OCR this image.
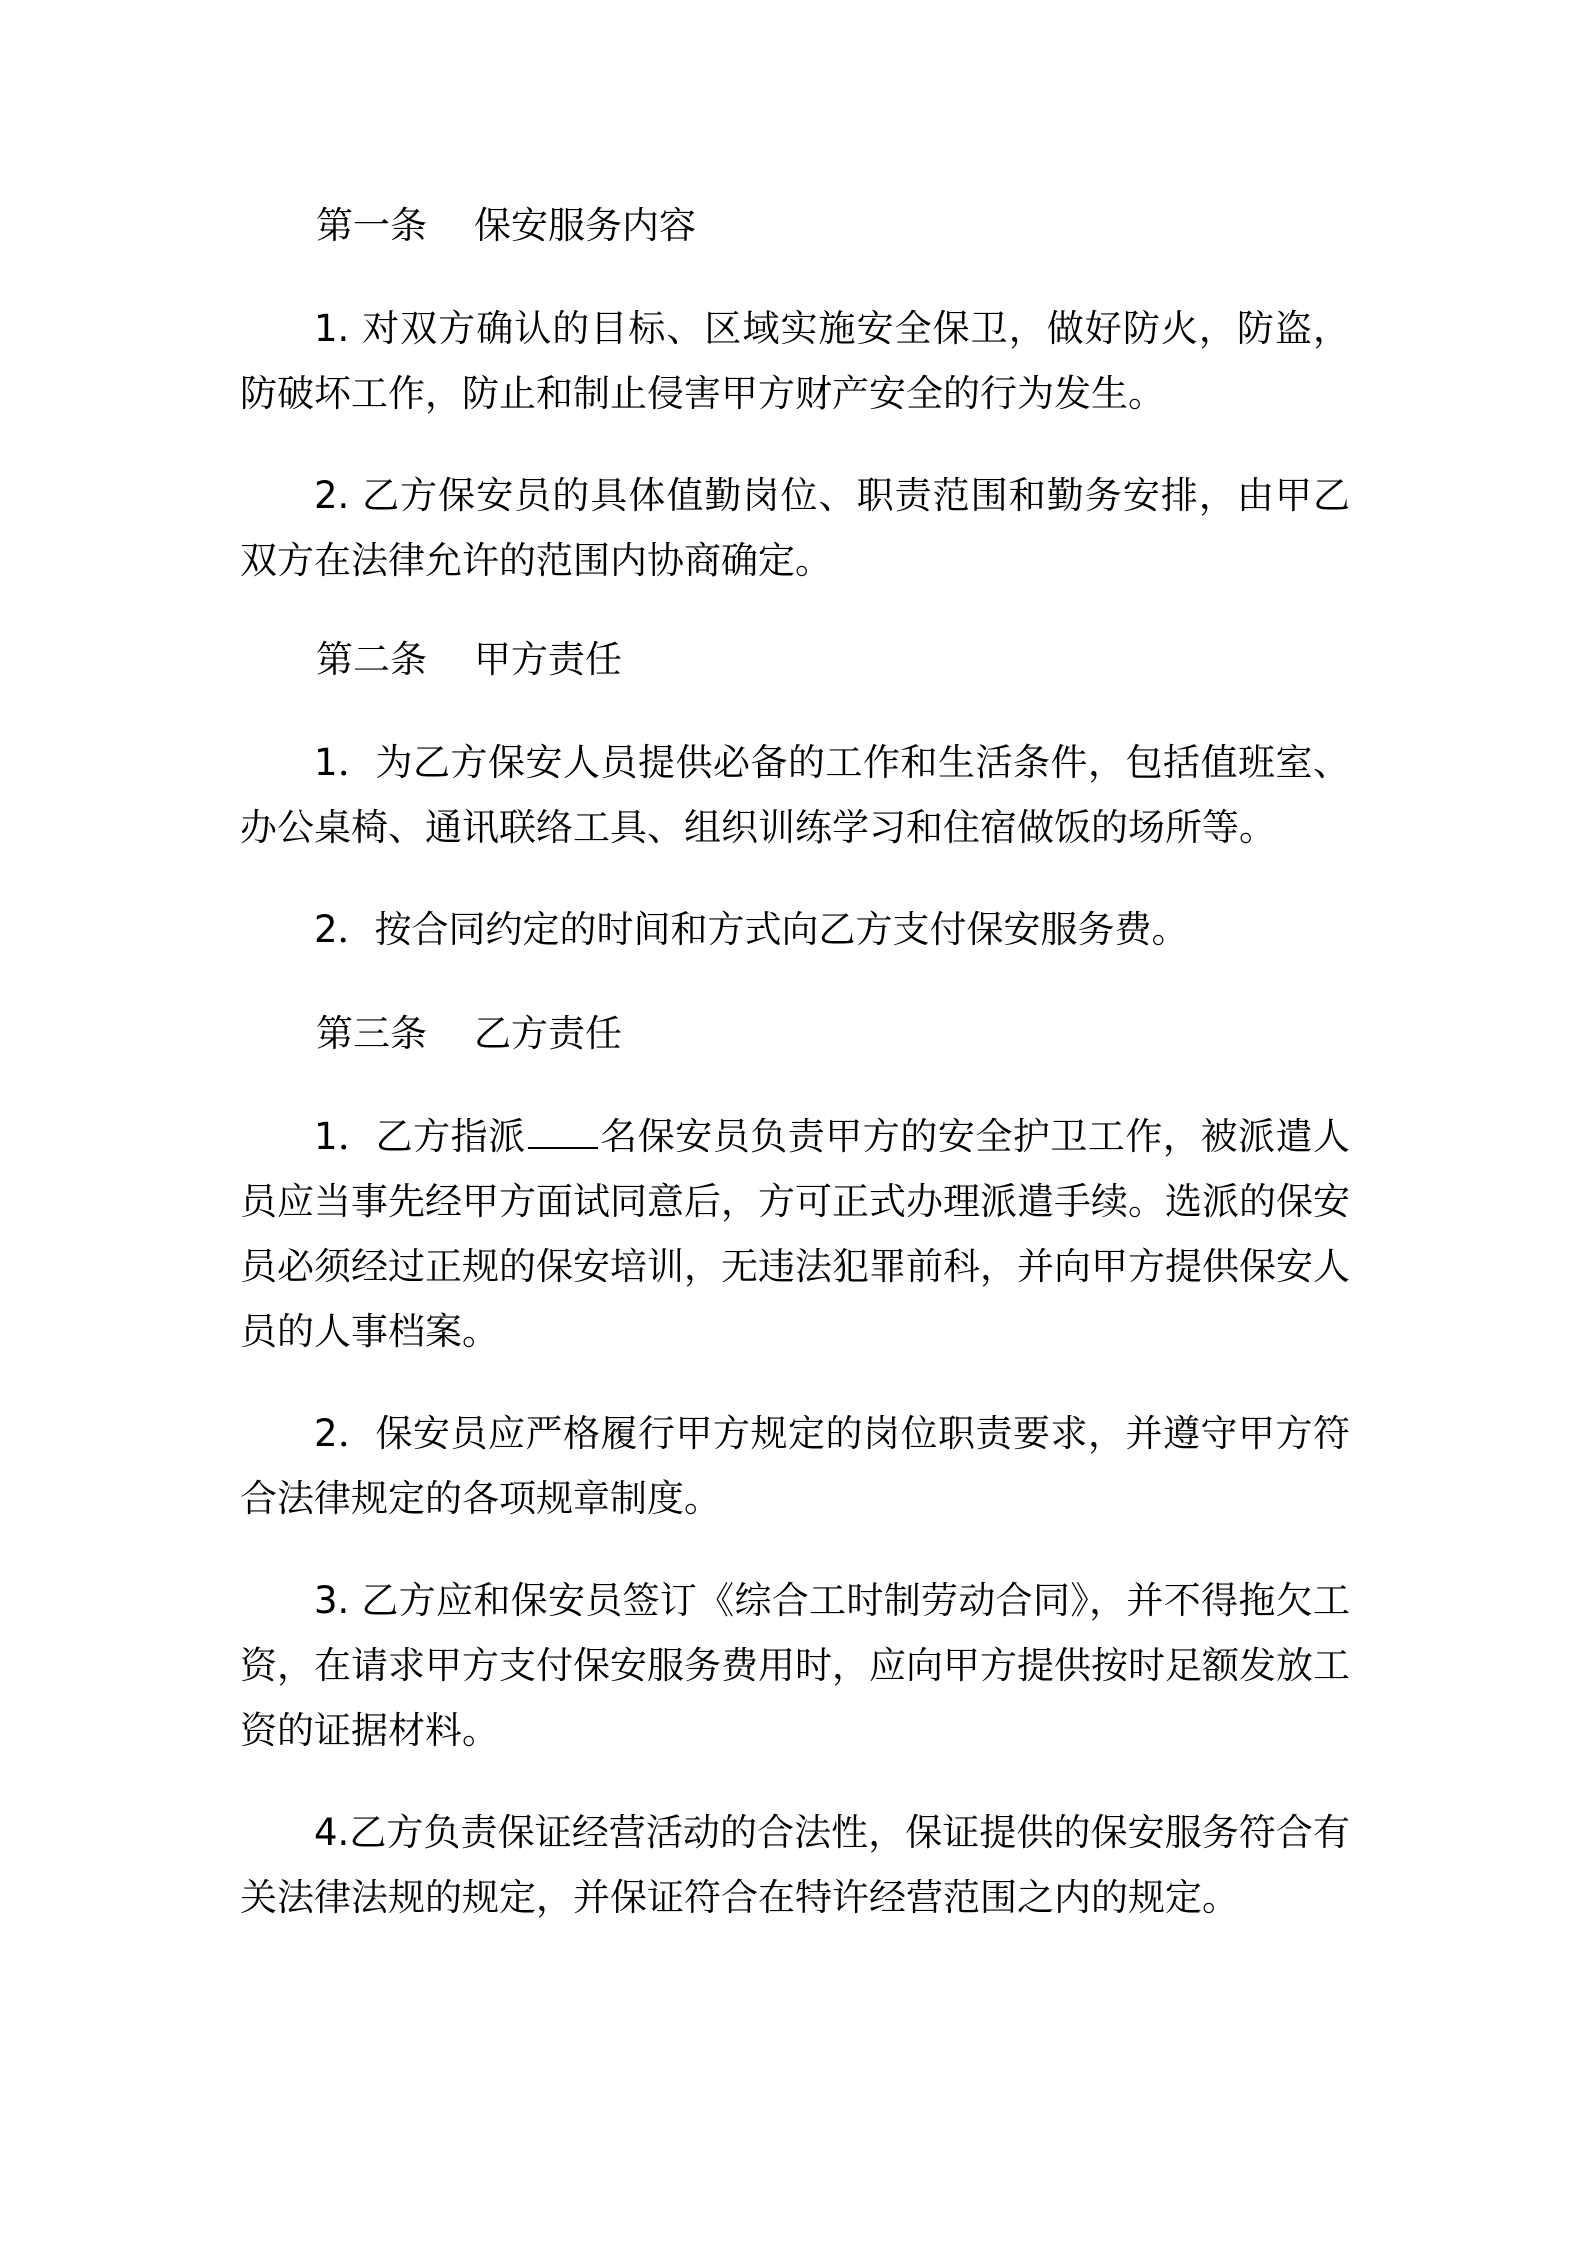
第一条    保安服务内容

1. 对双方确认的目标、区域实施安全保卫，做好防火，防盗，防破坏工作，防止和制止侵害甲方财产安全的行为发生。

2. 乙方保安员的具体值勤岗位、职责范围和勤务安排，由甲乙双方在法律允许的范围内协商确定。

第二条    甲方责任

1．为乙方保安人员提供必备的工作和生活条件，包括值班室、办公桌椅、通讯联络工具、组织训练学习和住宿做饭的场所等。

2．按合同约定的时间和方式向乙方支付保安服务费。

第三条    乙方责任

1．乙方指派 名保安员负责甲方的安全护卫工作，被派遣人员应当事先经甲方面试同意后，方可正式办理派遣手续。选派的保安员必须经过正规的保安培训，无违法犯罪前科，并向甲方提供保安人员的人事档案。

2．保安员应严格履行甲方规定的岗位职责要求，并遵守甲方符合法律规定的各项规章制度。

3. 乙方应和保安员签订《综合工时制劳动合同》，并不得拖欠工资，在请求甲方支付保安服务费用时，应向甲方提供按时足额发放工资的证据材料。

4.乙方负责保证经营活动的合法性，保证提供的保安服务符合有关法律法规的规定，并保证符合在特许经营范围之内的规定。
